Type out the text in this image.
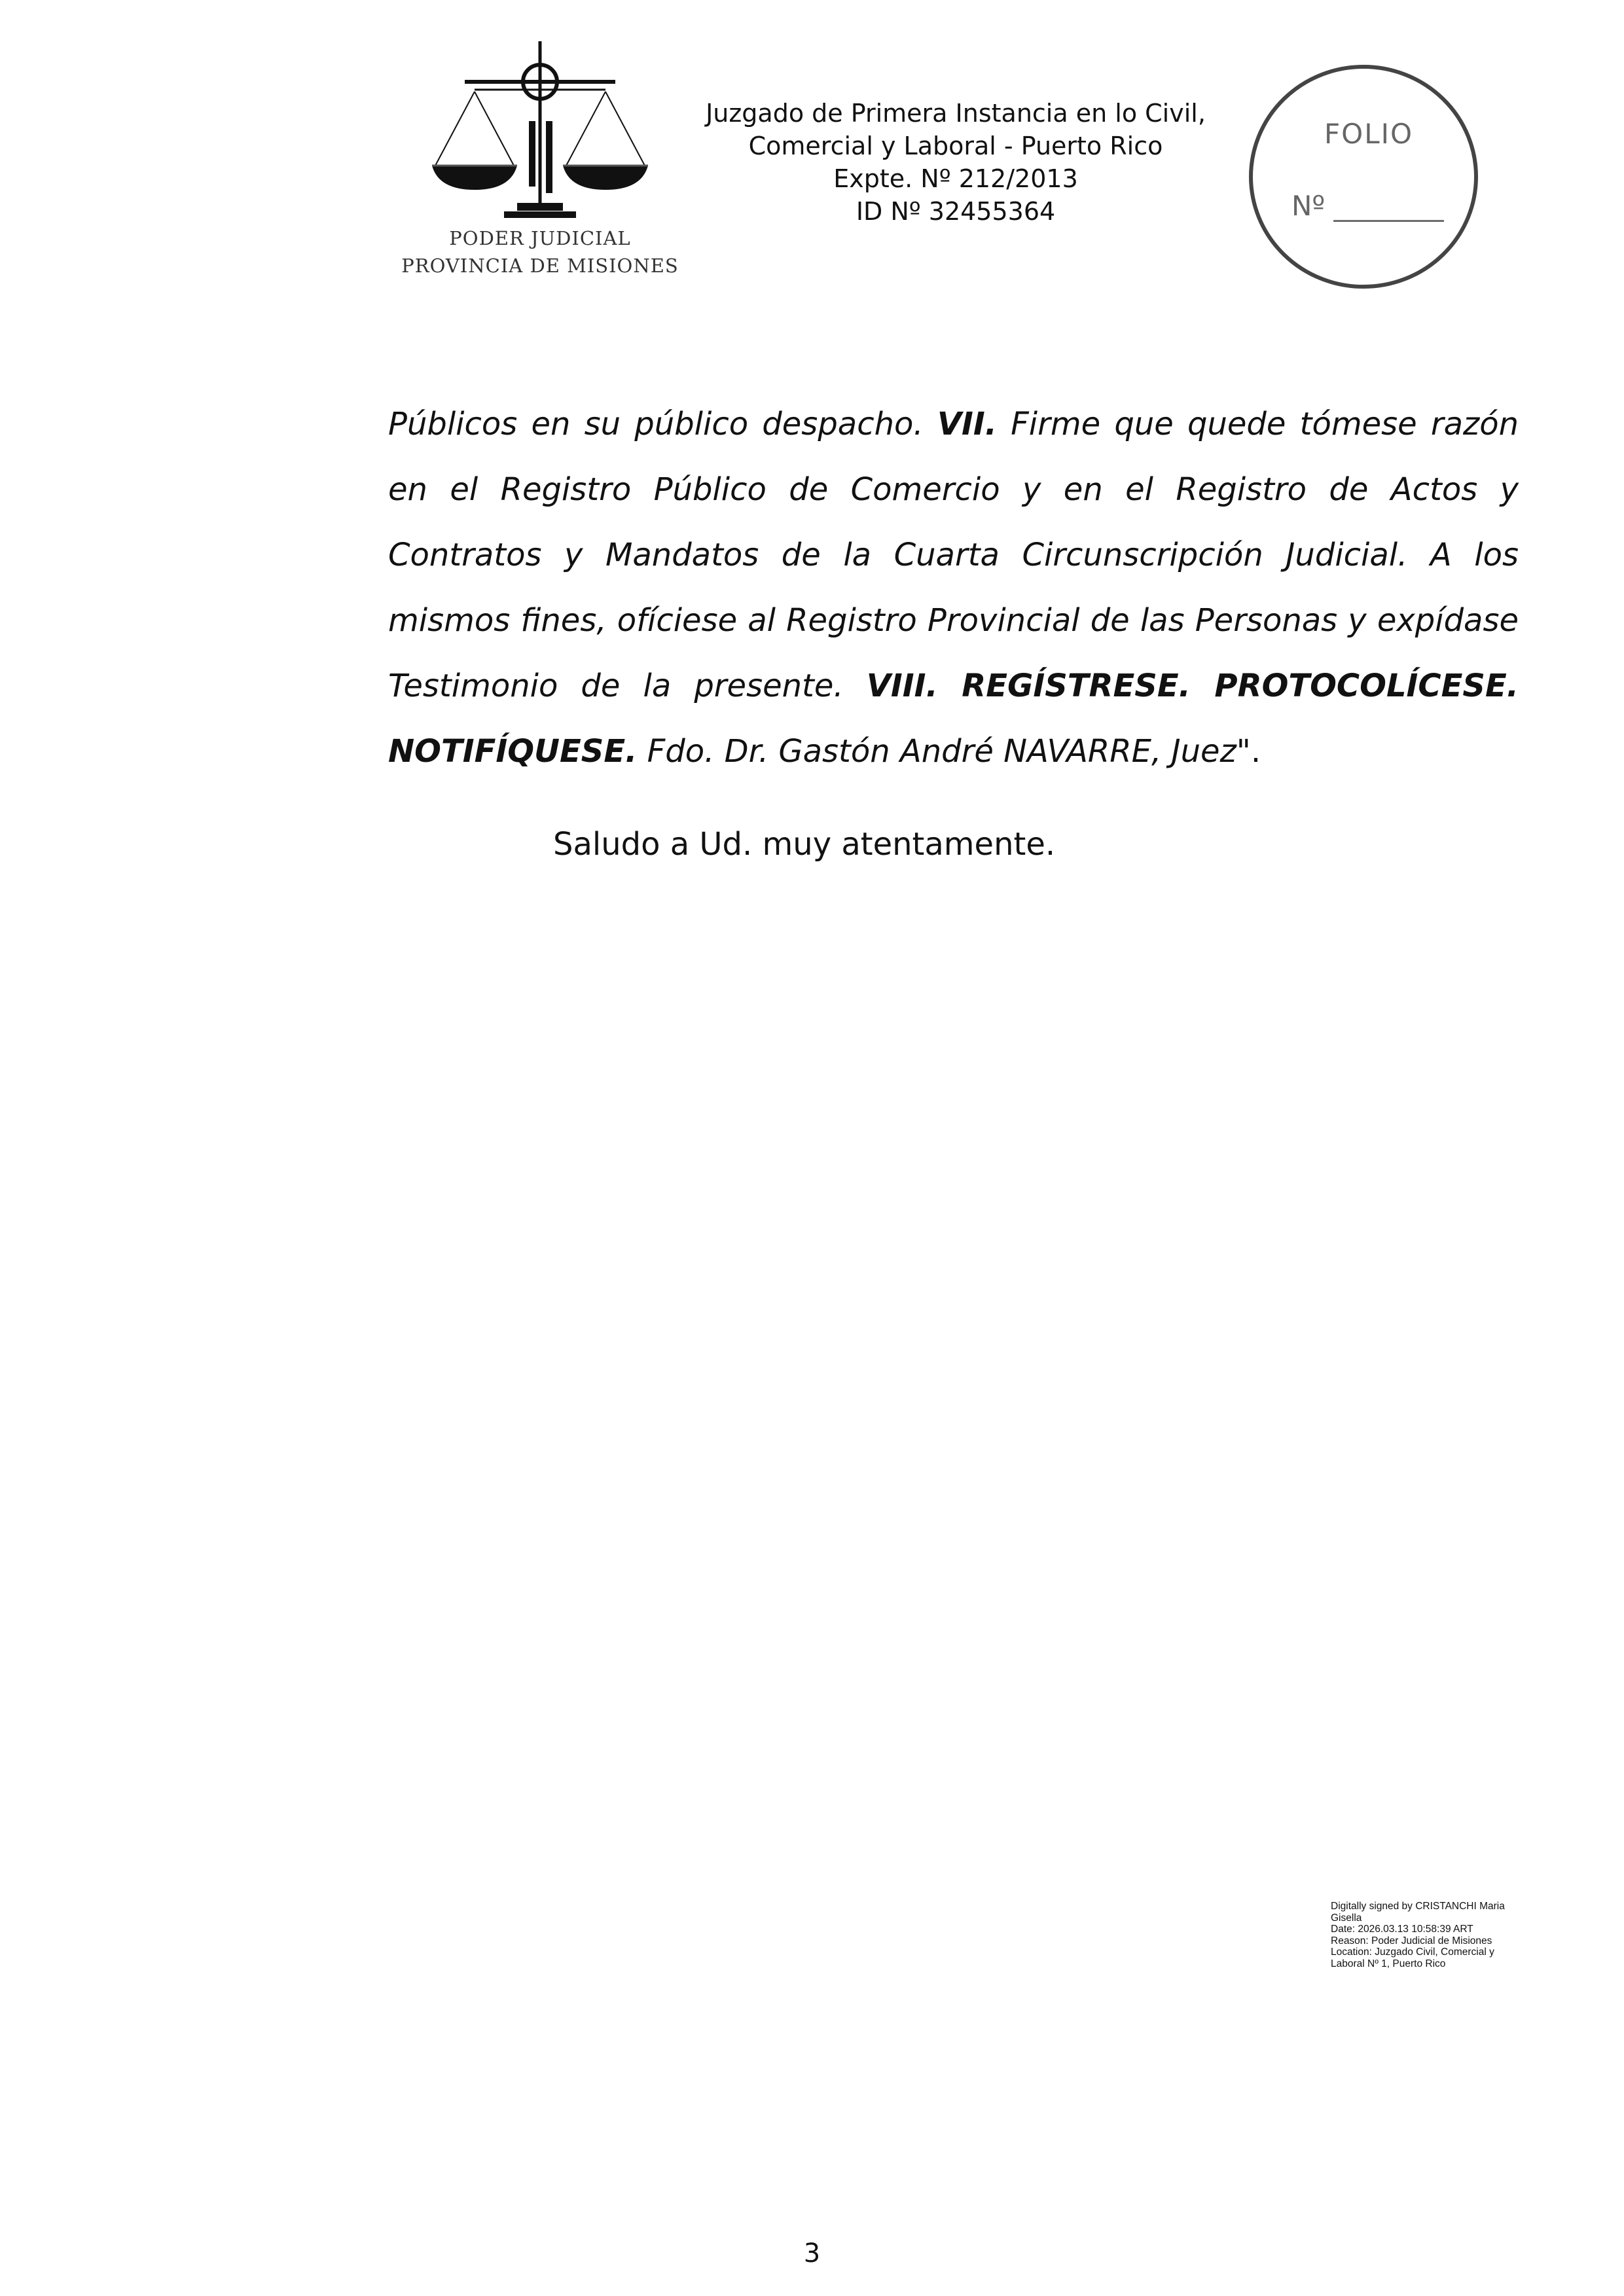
PODER JUDICIAL
PROVINCIA DE MISIONES
Juzgado de Primera Instancia en lo Civil,
Comercial y Laboral - Puerto Rico
Expte. Nº 212/2013
ID Nº 32455364
FOLIO
Nº ________
Públicos en su público despacho. VII. Firme que quede tómese razón en el Registro Público de Comercio y en el Registro de Actos y Contratos y Mandatos de la Cuarta Circunscripción Judicial. A los mismos fines, ofíciese al Registro Provincial de las Personas y expídase Testimonio de la presente. VIII. REGÍSTRESE. PROTOCOLÍCESE. NOTIFÍQUESE. Fdo. Dr. Gastón André NAVARRE, Juez".
Saludo a Ud. muy atentamente.
Digitally signed by CRISTANCHI Maria
Gisella
Date: 2026.03.13 10:58:39 ART
Reason: Poder Judicial de Misiones
Location: Juzgado Civil, Comercial y
Laboral Nº 1, Puerto Rico
3
